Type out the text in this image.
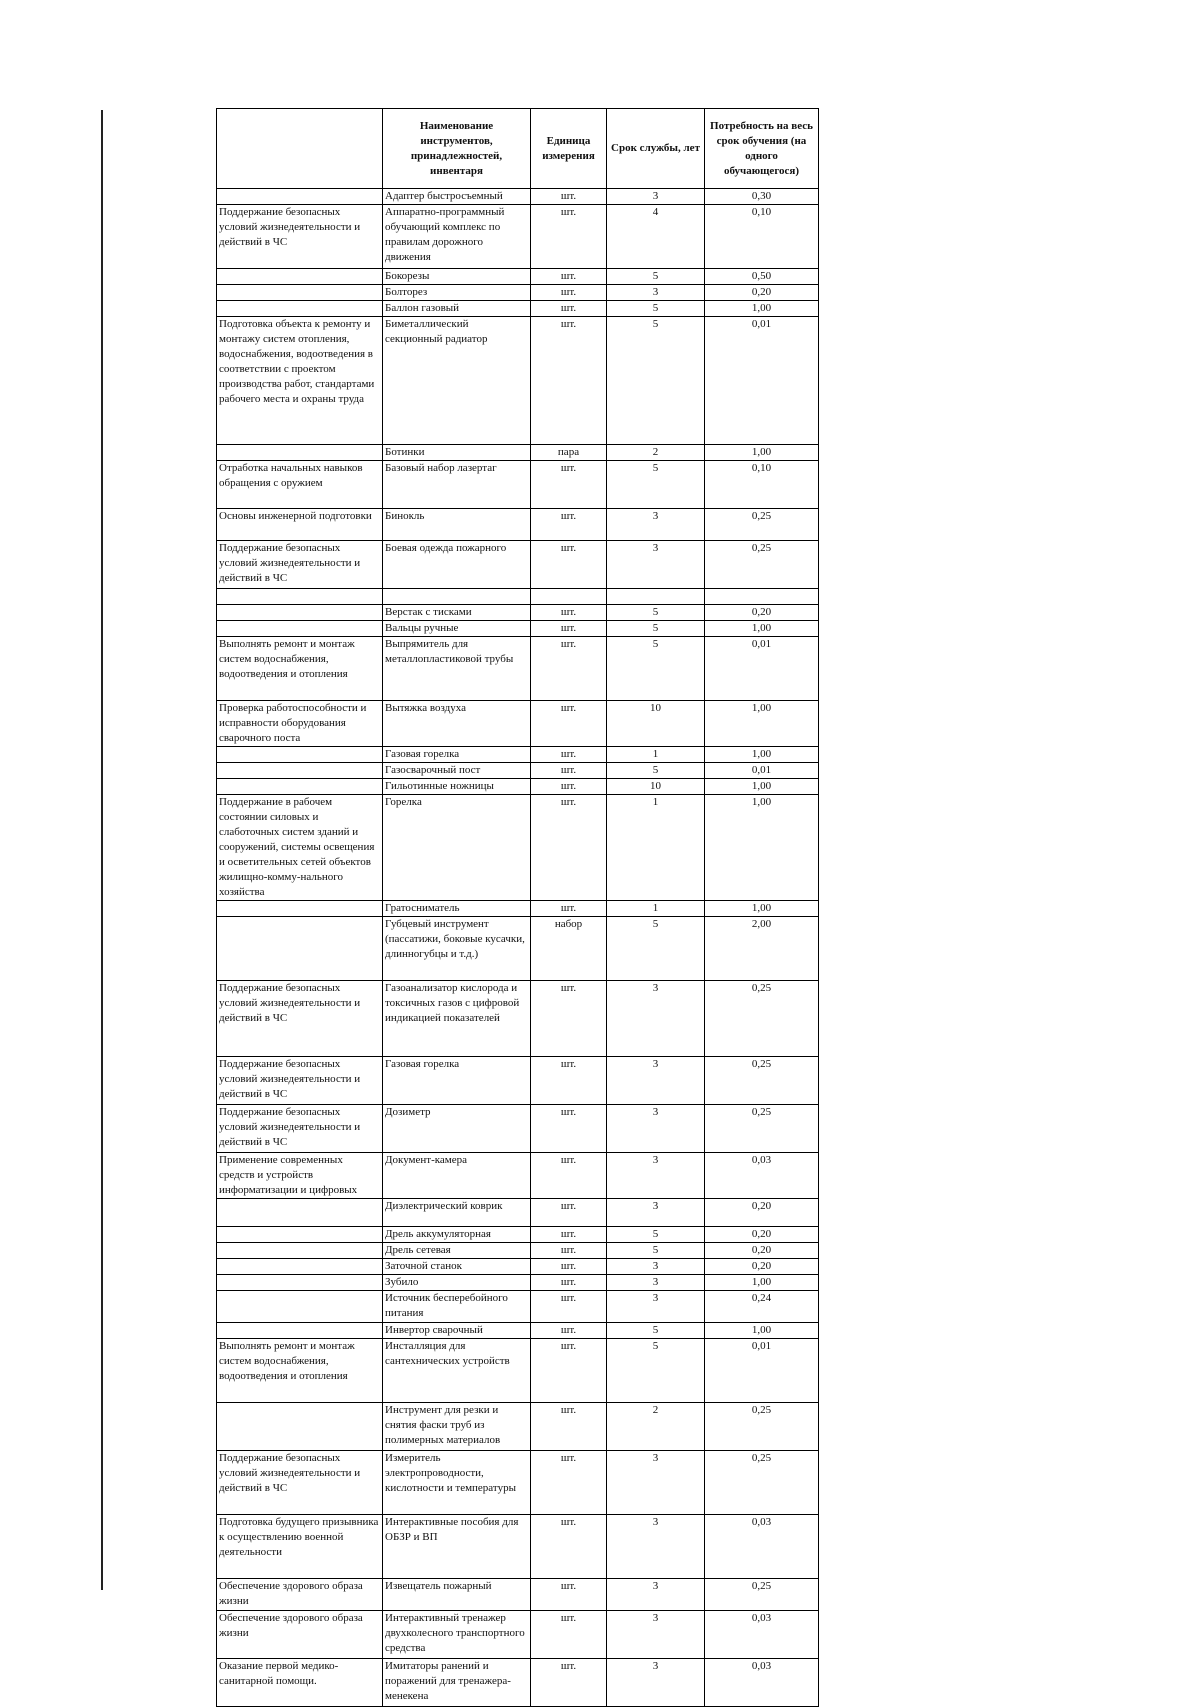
	Наименование инструментов, принадлежностей, инвентаря	Единица измерения	Срок службы, лет	Потребность на весь срок обучения (на одного обучающегося)
	Адаптер быстросъемный	шт.	3	0,30
Поддержание безопасных условий жизнедеятельности и действий в ЧС	Аппаратно-программный обучающий комплекс по правилам дорожного движения	шт.	4	0,10
	Бокорезы	шт.	5	0,50
	Болторез	шт.	3	0,20
	Баллон газовый	шт.	5	1,00
Подготовка объекта к ремонту и монтажу систем отопления, водоснабжения, водоотведения в соответствии с проектом производства работ, стандартами рабочего места и охраны труда	Биметаллический секционный радиатор	шт.	5	0,01
	Ботинки	пара	2	1,00
Отработка начальных навыков обращения с оружием	Базовый набор лазертаг	шт.	5	0,10
Основы инженерной подготовки	Бинокль	шт.	3	0,25
Поддержание безопасных условий жизнедеятельности и действий в ЧС	Боевая одежда пожарного	шт.	3	0,25

	Верстак с тисками	шт.	5	0,20
	Вальцы ручные	шт.	5	1,00
Выполнять ремонт и монтаж систем водоснабжения, водоотведения и отопления	Выпрямитель для металлопластиковой трубы	шт.	5	0,01
Проверка работоспособности и исправности оборудования сварочного поста	Вытяжка воздуха	шт.	10	1,00
	Газовая горелка	шт.	1	1,00
	Газосварочный пост	шт.	5	0,01
	Гильотинные ножницы	шт.	10	1,00
Поддержание в рабочем состоянии силовых и слаботочных систем зданий и сооружений, системы освещения и осветительных сетей объектов жилищно-комму-нального хозяйства	Горелка	шт.	1	1,00
	Гратосниматель	шт.	1	1,00
	Губцевый инструмент (пассатижи, боковые кусачки, длинногубцы и т.д.)	набор	5	2,00
Поддержание безопасных условий жизнедеятельности и действий в ЧС	Газоанализатор кислорода и токсичных газов с цифровой индикацией показателей	шт.	3	0,25
Поддержание безопасных условий жизнедеятельности и действий в ЧС	Газовая горелка	шт.	3	0,25
Поддержание безопасных условий жизнедеятельности и действий в ЧС	Дозиметр	шт.	3	0,25
Применение современных средств и устройств информатизации и цифровых	Документ-камера	шт.	3	0,03
	Диэлектрический коврик	шт.	3	0,20
	Дрель аккумуляторная	шт.	5	0,20
	Дрель сетевая	шт.	5	0,20
	Заточной станок	шт.	3	0,20
	Зубило	шт.	3	1,00
	Источник бесперебойного питания	шт.	3	0,24
	Инвертор сварочный	шт.	5	1,00
Выполнять ремонт и монтаж систем водоснабжения, водоотведения и отопления	Инсталляция для сантехнических устройств	шт.	5	0,01
	Инструмент для резки и снятия фаски труб из полимерных материалов	шт.	2	0,25
Поддержание безопасных условий жизнедеятельности и действий в ЧС	Измеритель электропроводности, кислотности и температуры	шт.	3	0,25
Подготовка будущего призывника к осуществлению военной деятельности	Интерактивные пособия для ОБЗР и ВП	шт.	3	0,03
Обеспечение здорового образа жизни	Извещатель пожарный	шт.	3	0,25
Обеспечение здорового образа жизни	Интерактивный тренажер двухколесного транспортного средства	шт.	3	0,03
Оказание первой медико-санитарной помощи.	Имитаторы ранений и поражений для тренажера-менекена	шт.	3	0,03
